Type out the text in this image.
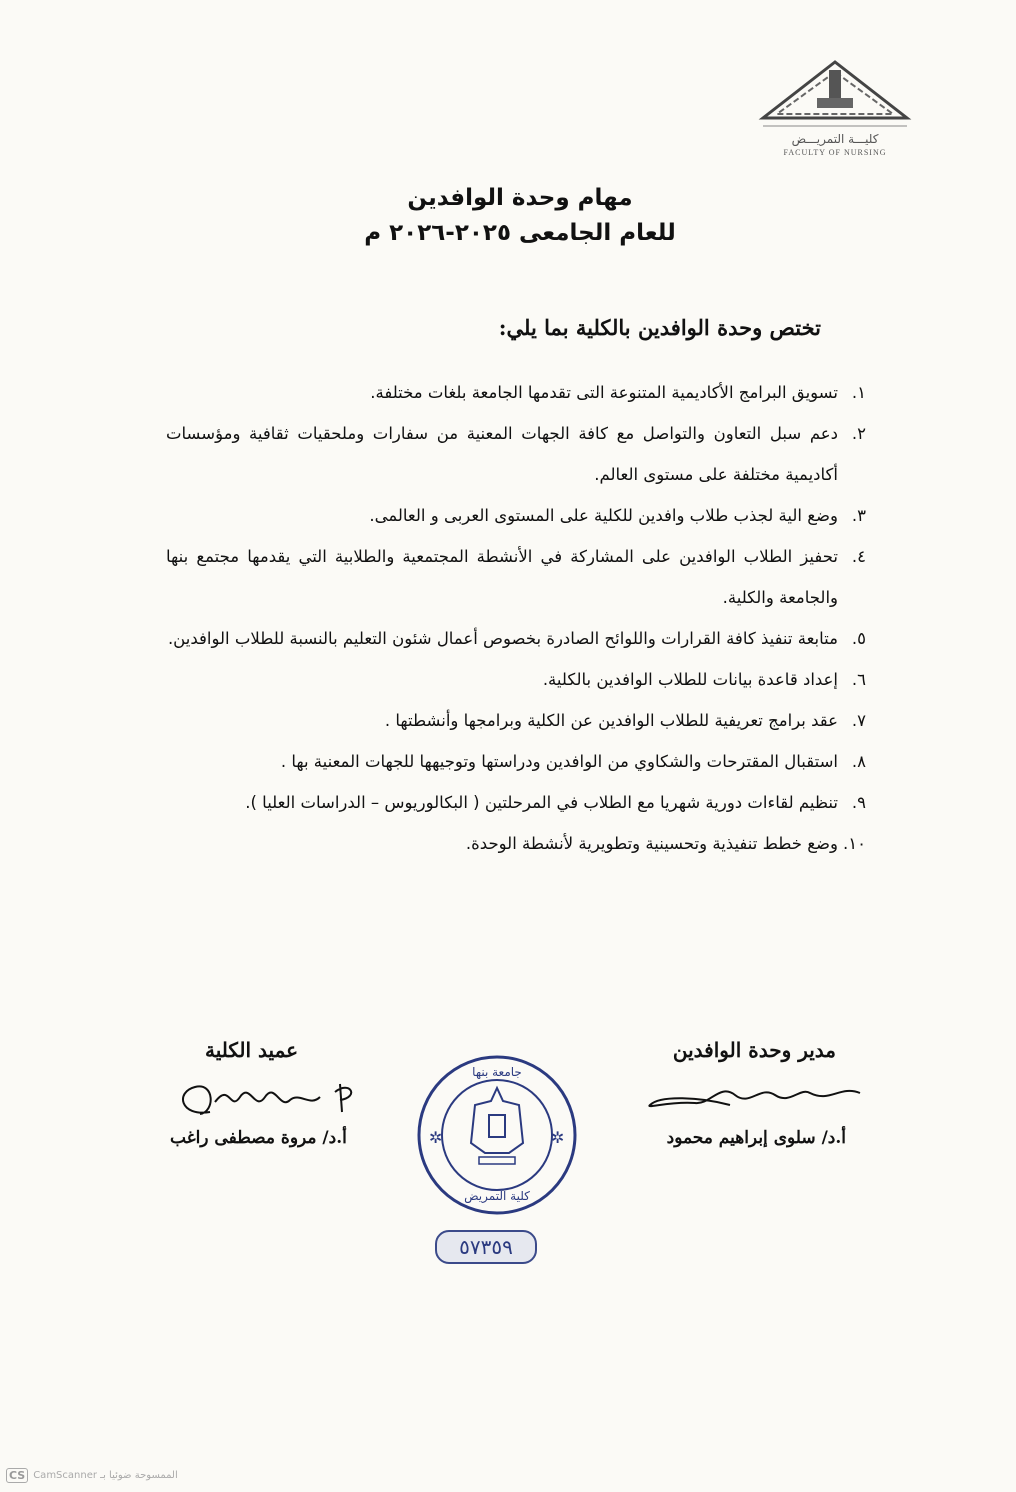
كليـــة التمريـــض
FACULTY OF NURSING
مهام وحدة الوافدين
للعام الجامعى ٢٠٢٥-٢٠٢٦ م
تختص وحدة الوافدين بالكلية بما يلي:
١.
تسويق البرامج الأكاديمية المتنوعة التى تقدمها الجامعة بلغات مختلفة.
٢.
دعم سبل التعاون والتواصل مع كافة الجهات المعنية من سفارات وملحقيات ثقافية ومؤسسات أكاديمية مختلفة على مستوى العالم.
٣.
وضع الية لجذب طلاب وافدين للكلية على المستوى العربى و العالمى.
٤.
تحفيز الطلاب الوافدين على المشاركة في الأنشطة المجتمعية والطلابية التي يقدمها مجتمع بنها والجامعة والكلية.
٥.
متابعة تنفيذ كافة القرارات واللوائح الصادرة بخصوص أعمال شئون التعليم بالنسبة للطلاب الوافدين.
٦.
إعداد قاعدة بيانات للطلاب الوافدين بالكلية.
٧.
عقد برامج تعريفية للطلاب الوافدين عن الكلية وبرامجها وأنشطتها .
٨.
استقبال المقترحات والشكاوي من الوافدين ودراستها وتوجيهها للجهات المعنية بها .
٩.
تنظيم لقاءات دورية شهريا مع الطلاب في المرحلتين ( البكالوريوس – الدراسات العليا ).
١٠.
وضع خطط تنفيذية وتحسينية وتطويرية لأنشطة الوحدة.
مدير وحدة الوافدين
أ.د/ سلوى إبراهيم محمود
عميد الكلية
أ.د/ مروة مصطفى راغب	✲	✲
جامعة بنها
كلية التمريض
٥٧٣٥٩
CS CamScanner الممسوحة ضوئيا بـ
